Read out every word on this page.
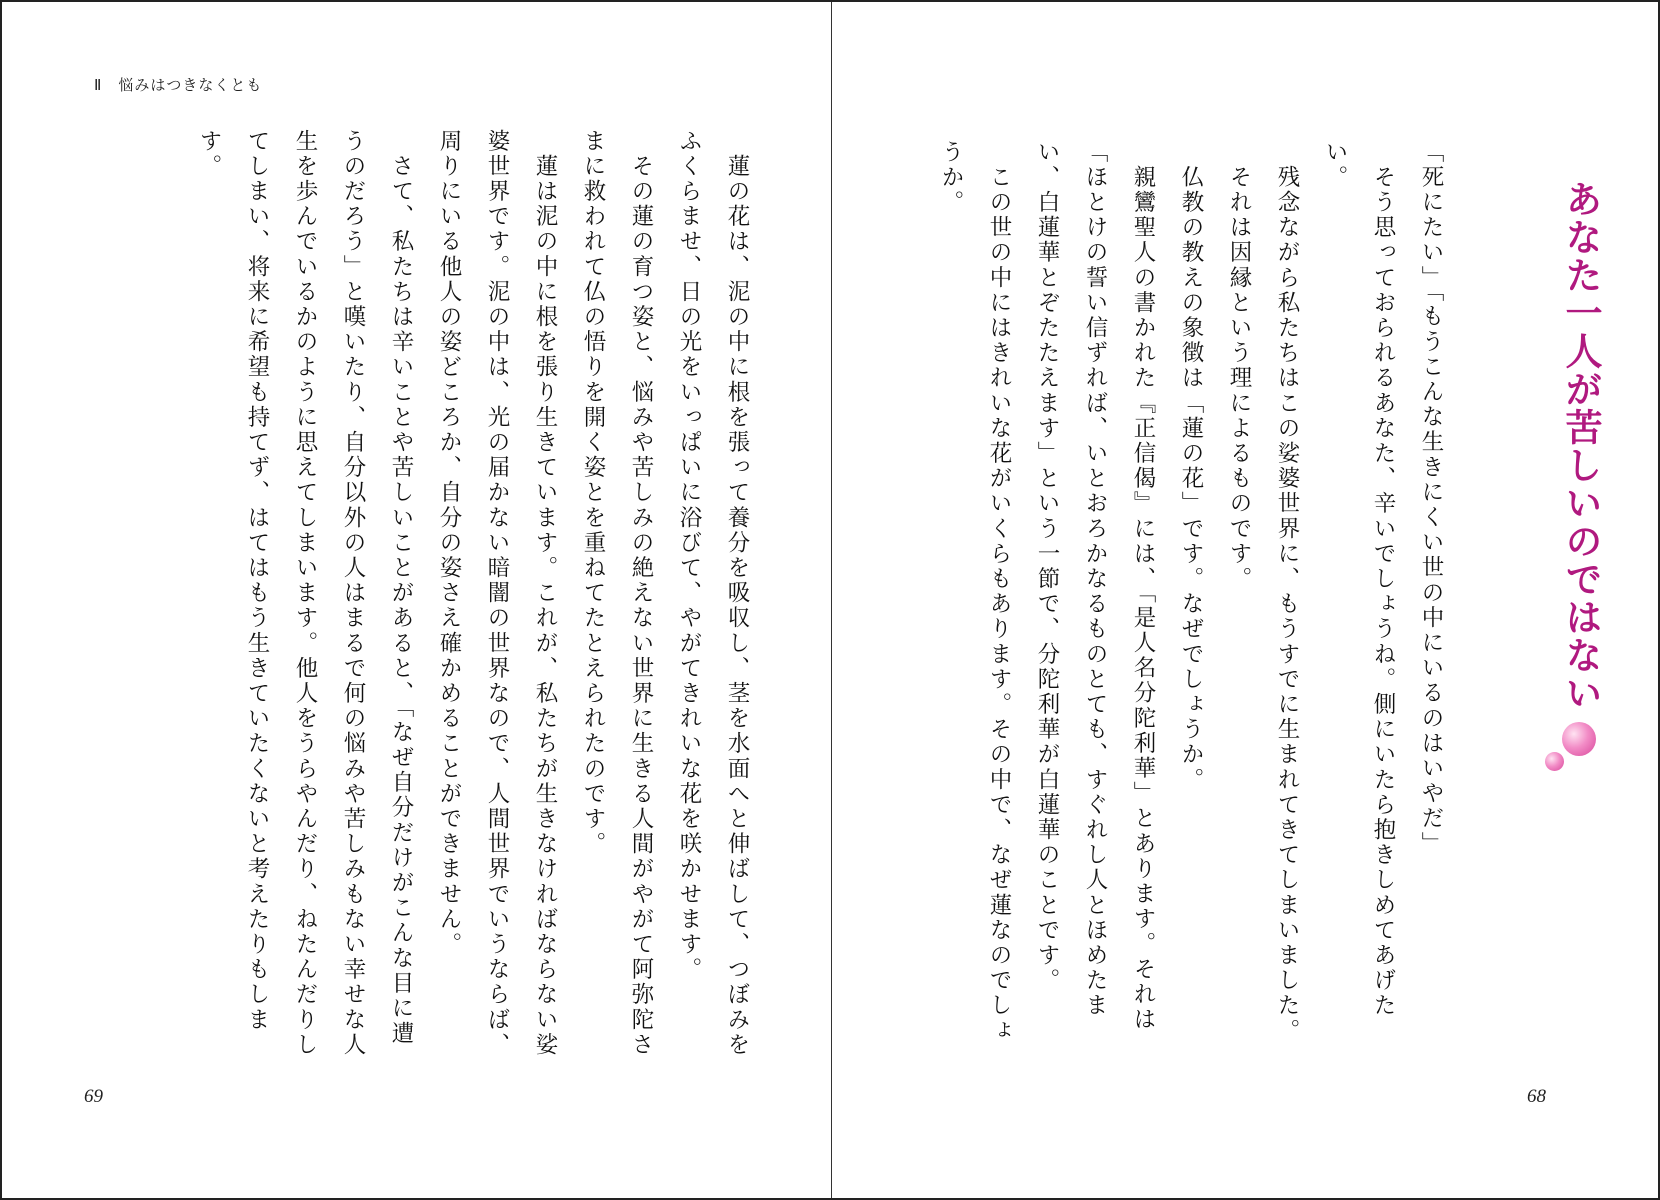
Ⅱ　悩みはつきなくとも

　蓮の花は、泥の中に根を張って養分を吸収し、茎を水面へと伸ばして、つぼみをふくらませ、日の光をいっぱいに浴びて、やがてきれいな花を咲かせます。

　その蓮の育つ姿と、悩みや苦しみの絶えない世界に生きる人間がやがて阿弥陀さまに救われて仏の悟りを開く姿とを重ねてたとえられたのです。

　蓮は泥の中に根を張り生きています。これが、私たちが生きなければならない娑婆世界です。泥の中は、光の届かない暗闇の世界なので、人間世界でいうならば、周りにいる他人の姿どころか、自分の姿さえ確かめることができません。

　さて、私たちは辛いことや苦しいことがあると、「なぜ自分だけがこんな目に遭うのだろう」と嘆いたり、自分以外の人はまるで何の悩みや苦しみもない幸せな人生を歩んでいるかのように思えてしまいます。他人をうらやんだり、ねたんだりしてしまい、将来に希望も持てず、はてはもう生きていたくないと考えたりもします。

69
あなた一人が苦しいのではない

「死にたい」「もうこんな生きにくい世の中にいるのはいやだ」

　そう思っておられるあなた、辛いでしょうね。側にいたら抱きしめてあげたい。

　残念ながら私たちはこの娑婆世界に、もうすでに生まれてきてしまいました。

　それは因縁という理によるものです。

　仏教の教えの象徴は「蓮の花」です。なぜでしょうか。

　親鸞聖人の書かれた『正信偈』には、「是人名分陀利華」とあります。それは「ほとけの誓い信ずれば、いとおろかなるものとても、すぐれし人とほめたまい、白蓮華とぞたたえます」という一節で、分陀利華が白蓮華のことです。

　この世の中にはきれいな花がいくらもあります。その中で、なぜ蓮なのでしょうか。

68
